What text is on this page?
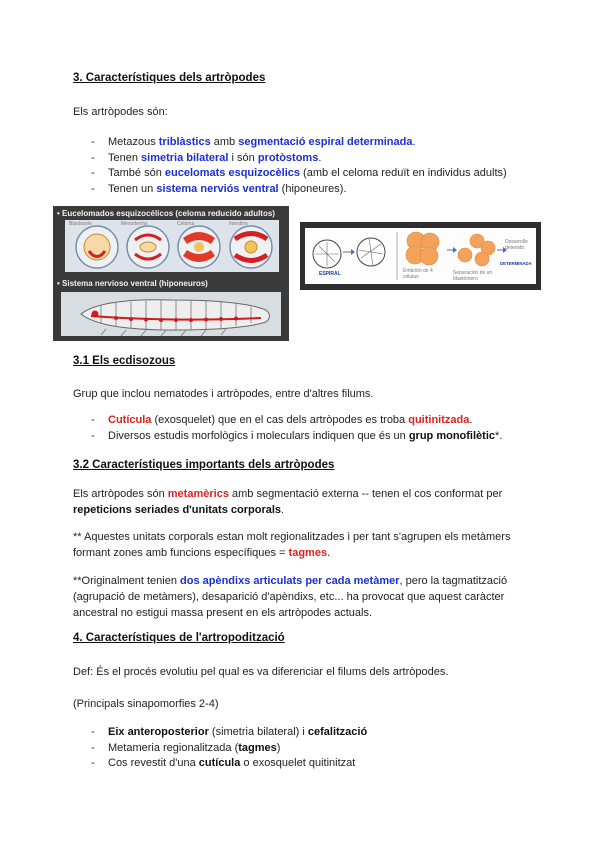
3. Característiques dels artròpodes
Els artròpodes són:
- Metazous triblàstics amb segmentació espiral determinada.
- Tenen simetria bilateral i són protòstoms.
- També són eucelomats esquizocèlics (amb el celoma reduït en individus adults)
- Tenen un sistema nerviós ventral (hiponeures).
• Eucelomados esquizocélicos (celoma reducido adultos)
Blastocele	Mesodermo	Celoma	Intestino
• Sistema nervioso ventral (hiponeuros)
ESPIRAL	Embrión de 4 células
Separación de un blastómero
Desarrollo detenido
DETERMINADA
3.1 Els ecdisozous
Grup que inclou nematodes i artròpodes, entre d'altres filums.
- Cutícula (exosquelet) que en el cas dels artròpodes es troba quitinitzada.
- Diversos estudis morfològics i moleculars indiquen que és un grup monofilètic*.
3.2 Característiques importants dels artròpodes
Els artròpodes són metamèrics amb segmentació externa -- tenen el cos conformat per
repeticions seriades d'unitats corporals.
** Aquestes unitats corporals estan molt regionalitzades i per tant s'agrupen els metàmers
formant zones amb funcions específiques = tagmes.
**Originalment tenien dos apèndixs articulats per cada metàmer, pero la tagmatització
(agrupació de metàmers), desaparició d'apèndixs, etc... ha provocat que aquest caràcter
ancestral no estigui massa present en els artròpodes actuals.
4. Característiques de l'artropodització
Def: És el procés evolutiu pel qual es va diferenciar el filums dels artròpodes.
(Principals sinapomorfies 2-4)
- Eix anteroposterior (simetria bilateral) i cefalització
- Metameria regionalitzada (tagmes)
- Cos revestit d'una cutícula o exosquelet quitinitzat
